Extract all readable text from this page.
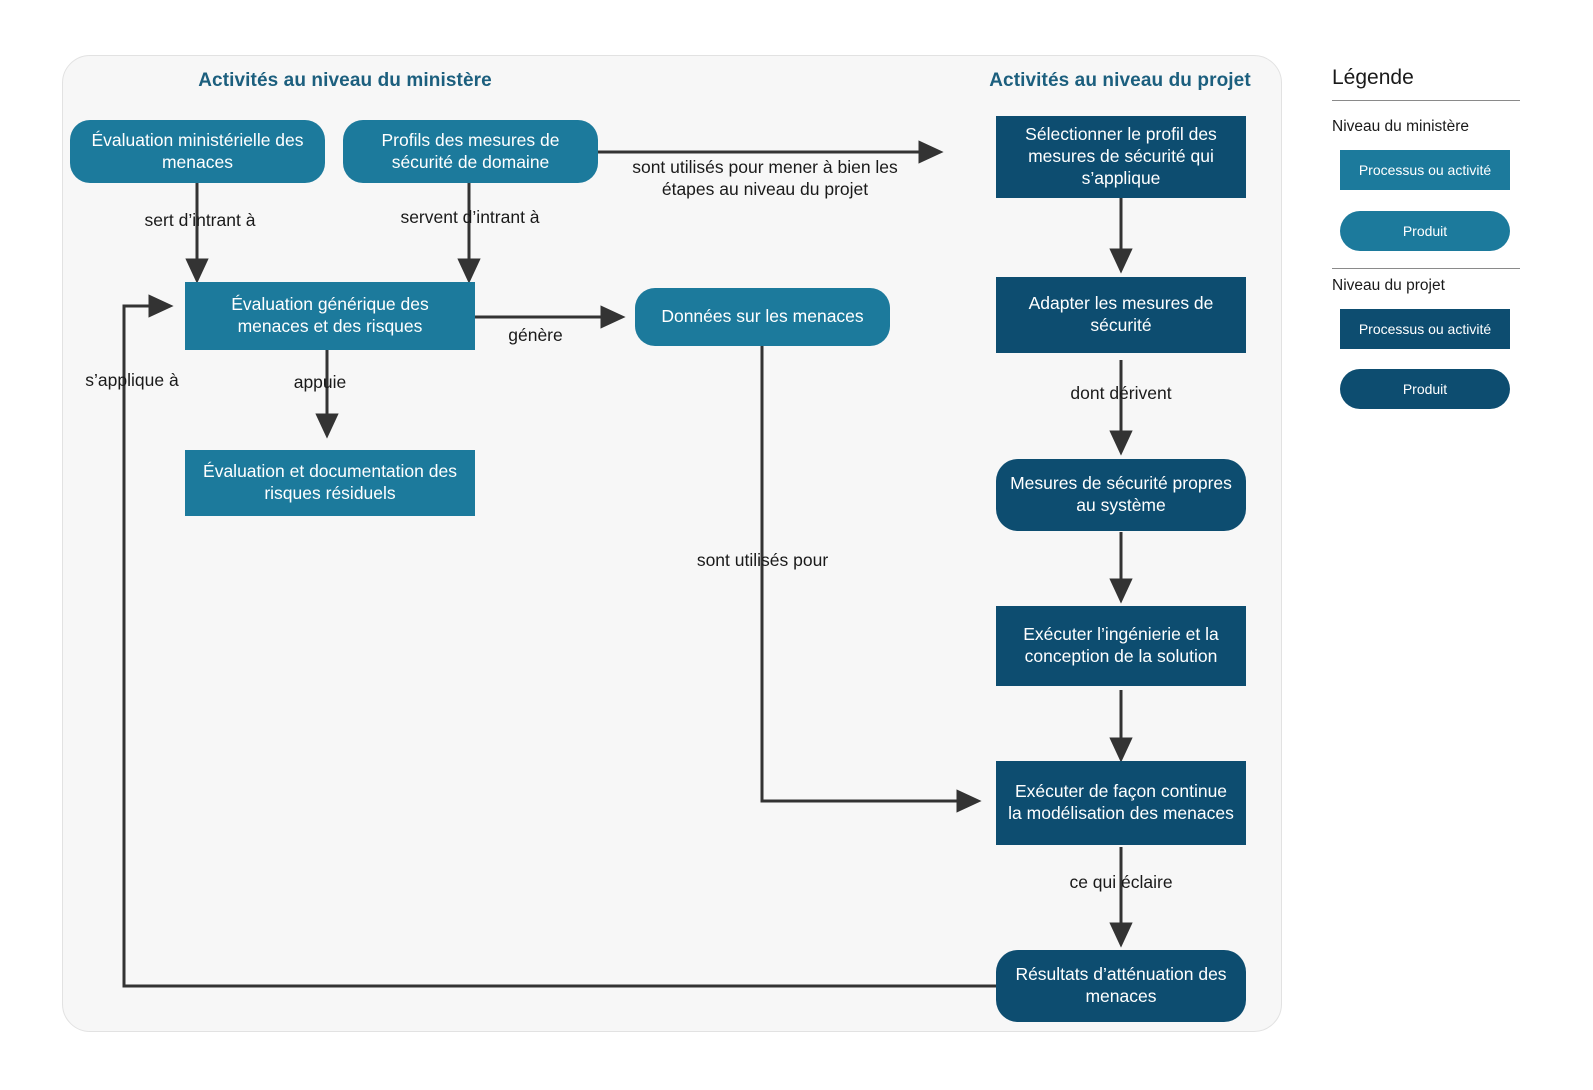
Activités au niveau du ministère	Activités au niveau du projet
Évaluation ministérielle des menaces
Profils des mesures de sécurité de domaine
Évaluation générique des menaces et des risques
Évaluation et documentation des risques résiduels
Données sur les menaces
Sélectionner le profil des mesures de sécurité qui s’applique
Adapter les mesures de sécurité
Mesures de sécurité propres au système
Exécuter l’ingénierie et la conception de la solution
Exécuter de façon continue la modélisation des menaces
Résultats d’atténuation des menaces
sert d’intrant à	servent d’intrant à
sont utilisés pour mener à bien les étapes au niveau du projet
génère
appuie
s’applique à
dont dérivent
sont utilisés pour
ce qui éclaire
Légende
Niveau du ministère
Processus ou activité
Produit
Niveau du projet
Processus ou activité
Produit
